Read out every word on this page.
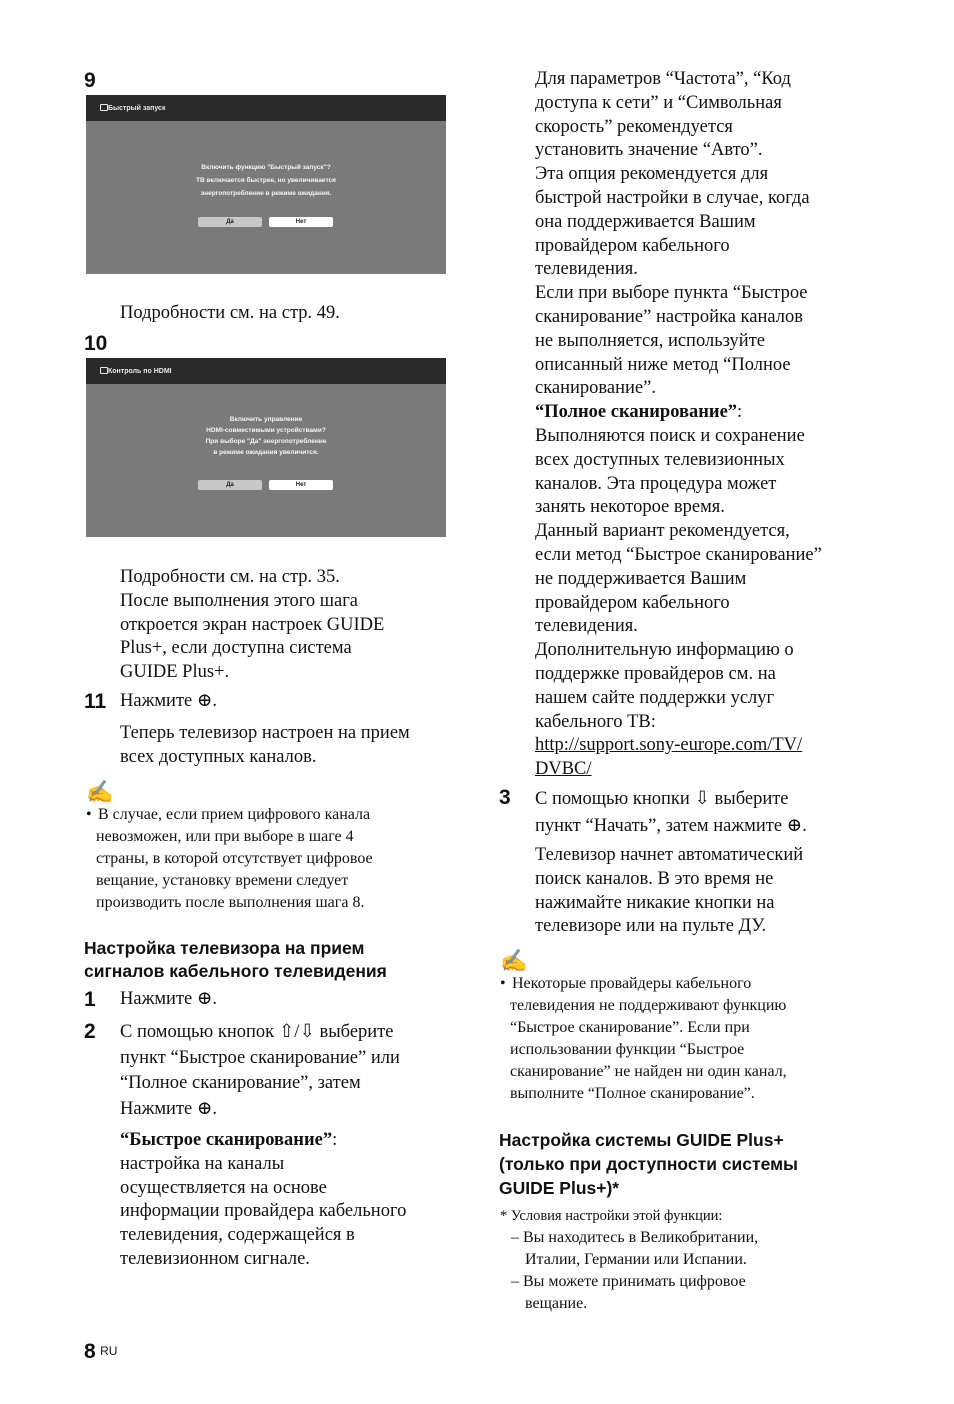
9
Быстрый запуск
Включить функцию "Быстрый запуск"?
ТВ включается быстрее, но увеличивается
энергопотребление в режиме ожидания.
Да	Нет

Подробности см. на стр. 49.

10
Контроль по HDMI
Включить управление
HDMI-совместимыми устройствами?
При выборе "Да" энергопотребление
в режиме ожидания увеличится.
Да	Нет

Подробности см. на стр. 35.

После выполнения этого шага

откроется экран настроек GUIDE

Plus+, если доступна система

GUIDE Plus+.

11 Нажмите ⊕.

Теперь телевизор настроен на прием

всех доступных каналов.

✍

• В случае, если прием цифрового канала

невозможен, или при выборе в шаге 4

страны, в которой отсутствует цифровое

вещание, установку времени следует

производить после выполнения шага 8.

Настройка телевизора на прием

сигналов кабельного телевидения

1 Нажмите ⊕.

2 С помощью кнопок ⇧/⇩ выберите

пункт “Быстрое сканирование” или

“Полное сканирование”, затем

Нажмите ⊕.

“Быстрое сканирование”:

настройка на каналы

осуществляется на основе

информации провайдера кабельного

телевидения, содержащейся в

телевизионном сигнале.

Для параметров “Частота”, “Код

доступа к сети” и “Символьная

скорость” рекомендуется

установить значение “Авто”.

Эта опция рекомендуется для

быстрой настройки в случае, когда

она поддерживается Вашим

провайдером кабельного

телевидения.

Если при выборе пункта “Быстрое

сканирование” настройка каналов

не выполняется, используйте

описанный ниже метод “Полное

сканирование”.

“Полное сканирование”:

Выполняются поиск и сохранение

всех доступных телевизионных

каналов. Эта процедура может

занять некоторое время.

Данный вариант рекомендуется,

если метод “Быстрое сканирование”

не поддерживается Вашим

провайдером кабельного

телевидения.

Дополнительную информацию о

поддержке провайдеров см. на

нашем сайте поддержки услуг

кабельного ТВ:

http://support.sony-europe.com/TV/

DVBC/

3 С помощью кнопки ⇩ выберите

пункт “Начать”, затем нажмите ⊕.

Телевизор начнет автоматический

поиск каналов. В это время не

нажимайте никакие кнопки на

телевизоре или на пульте ДУ.

✍

• Некоторые провайдеры кабельного

телевидения не поддерживают функцию

“Быстрое сканирование”. Если при

использовании функции “Быстрое

сканирование” не найден ни один канал,

выполните “Полное сканирование”.

Настройка системы GUIDE Plus+

(только при доступности системы

GUIDE Plus+)*

* Условия настройки этой функции:

– Вы находитесь в Великобритании,

Италии, Германии или Испании.

– Вы можете принимать цифровое

вещание.

8 RU
